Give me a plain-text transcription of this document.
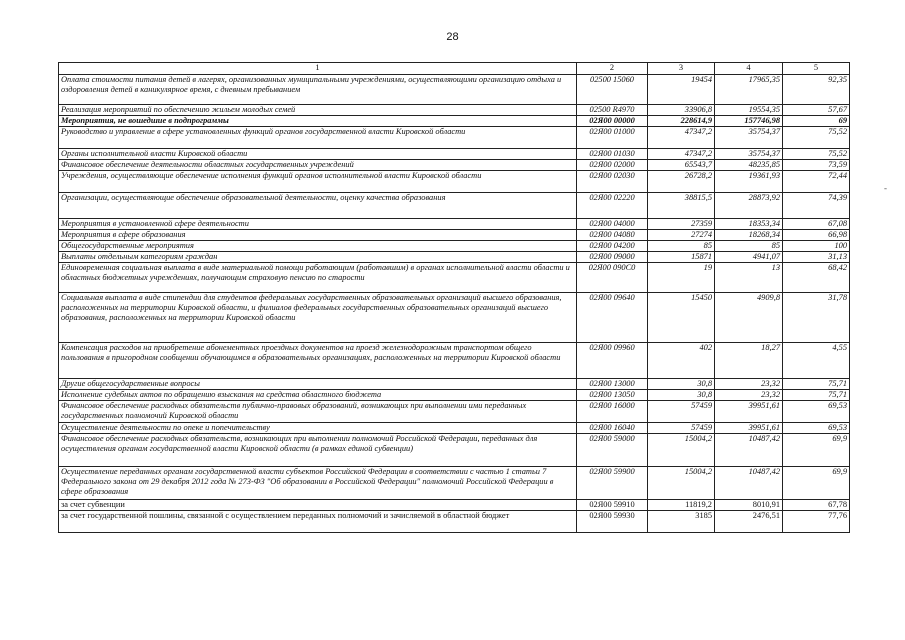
28
1	2	3	4	5
Оплата стоимости питания детей в лагерях, организованных муниципальными учреждениями, осуществляющими организацию отдыха и оздоровления детей в каникулярное время, с дневным пребыванием	02500 15060	19454	17965,35	92,35
Реализация мероприятий по обеспечению жильем молодых семей	02500 R4970	33906,8	19554,35	57,67
Мероприятия, не вошедшие в подпрограммы	02Я00 00000	228614,9	157746,98	69
Руководство и управление в сфере установленных функций органов государственной власти Кировской области	02Я00 01000	47347,2	35754,37	75,52
Органы исполнительной власти Кировской области	02Я00 01030	47347,2	35754,37	75,52
Финансовое обеспечение деятельности областных государственных учреждений	02Я00 02000	65543,7	48235,85	73,59
Учреждения, осуществляющие обеспечение исполнения функций органов исполнительной власти Кировской области	02Я00 02030	26728,2	19361,93	72,44
Организации, осуществляющие обеспечение образовательной деятельности, оценку качества образования	02Я00 02220	38815,5	28873,92	74,39
Мероприятия в установленной сфере деятельности	02Я00 04000	27359	18353,34	67,08
Мероприятия в сфере образования	02Я00 04080	27274	18268,34	66,98
Общегосударственные мероприятия	02Я00 04200	85	85	100
Выплаты отдельным категориям граждан	02Я00 09000	15871	4941,07	31,13
Единовременная социальная выплата в виде материальной помощи работающим (работавшим) в органах исполнительной власти области и областных бюджетных учреждениях, получающим страховую пенсию по старости	02Я00 090С0	19	13	68,42
Социальная выплата в виде стипендии для студентов федеральных государственных образовательных организаций высшего образования, расположенных на территории Кировской области, и филиалов федеральных государственных образовательных организаций высшего образования, расположенных на территории Кировской области	02Я00 09640	15450	4909,8	31,78
Компенсация расходов на приобретение абонементных проездных документов на проезд железнодорожным транспортом общего пользования в пригородном сообщении обучающимся в образовательных организациях, расположенных на территории Кировской области	02Я00 09960	402	18,27	4,55
Другие общегосударственные вопросы	02Я00 13000	30,8	23,32	75,71
Исполнение судебных актов по обращению взыскания на средства областного бюджета	02Я00 13050	30,8	23,32	75,71
Финансовое обеспечение расходных обязательств публично-правовых образований, возникающих при выполнении ими переданных государственных полномочий Кировской области	02Я00 16000	57459	39951,61	69,53
Осуществление деятельности по опеке и попечительству	02Я00 16040	57459	39951,61	69,53
Финансовое обеспечение расходных обязательств, возникающих при выполнении полномочий Российской Федерации, переданных для осуществления органам государственной власти Кировской области (в рамках единой субвенции)	02Я00 59000	15004,2	10487,42	69,9
Осуществление переданных органам государственной власти субъектов Российской Федерации в соответствии с частью 1 статьи 7 Федерального закона от 29 декабря 2012 года № 273-ФЗ "Об образовании в Российской Федерации" полномочий Российской Федерации в сфере образования	02Я00 59900	15004,2	10487,42	69,9
за счет субвенции	02Я00 59910	11819,2	8010,91	67,78
за счет государственной пошлины, связанной с осуществлением переданных полномочий и зачисляемой в областной бюджет	02Я00 59930	3185	2476,51	77,76
-
